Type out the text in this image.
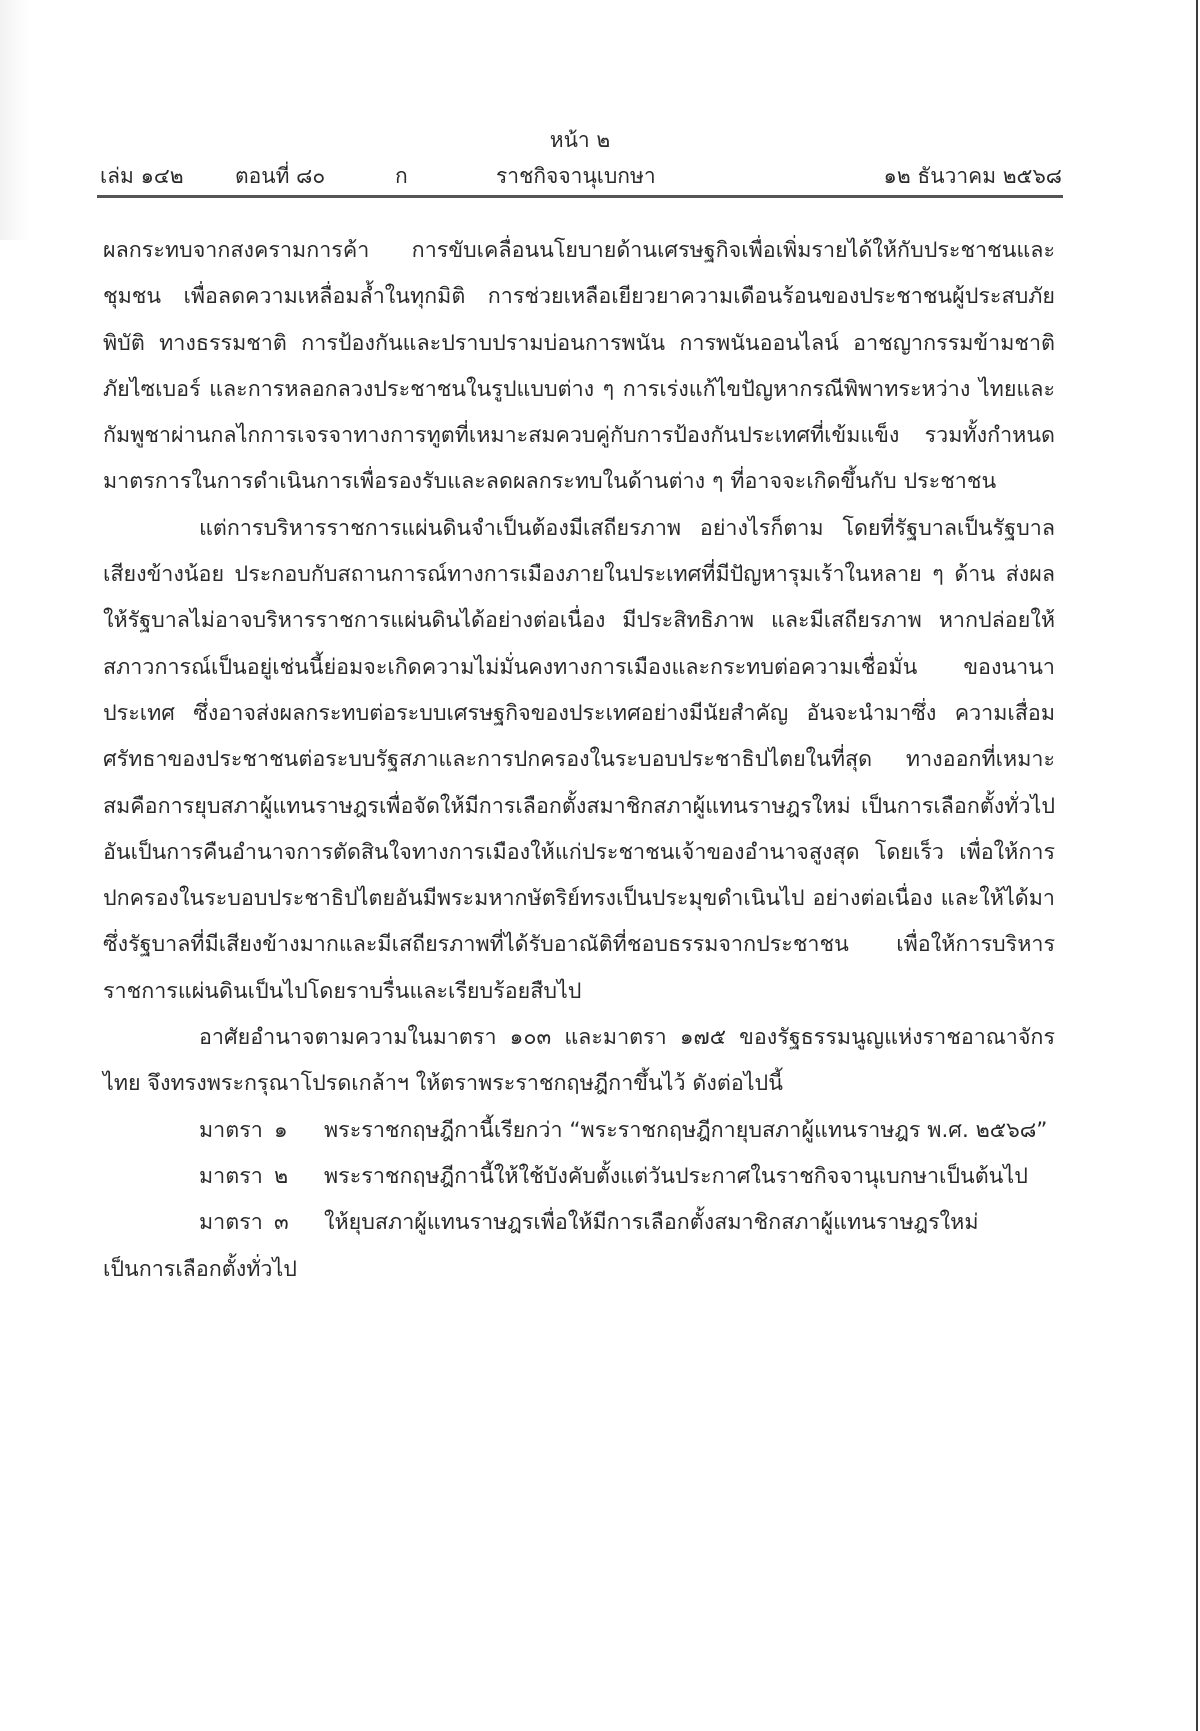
หน้า ๒
เล่ม ๑๔๒ ตอนที่ ๘๐	ก	ราชกิจจานุเบกษา	๑๒ ธันวาคม ๒๕๖๘

ผลกระทบจากสงครามการค้า การขับเคลื่อนนโยบายด้านเศรษฐกิจเพื่อเพิ่มรายได้ให้กับประชาชนและชุมชน เพื่อลดความเหลื่อมล้ำในทุกมิติ การช่วยเหลือเยียวยาความเดือนร้อนของประชาชนผู้ประสบภัยพิบัติ ทางธรรมชาติ การป้องกันและปราบปรามบ่อนการพนัน การพนันออนไลน์ อาชญากรรมข้ามชาติ ภัยไซเบอร์ และการหลอกลวงประชาชนในรูปแบบต่าง ๆ การเร่งแก้ไขปัญหากรณีพิพาทระหว่าง ไทยและกัมพูชาผ่านกลไกการเจรจาทางการทูตที่เหมาะสมควบคู่กับการป้องกันประเทศที่เข้มแข็ง รวมทั้งกำหนดมาตรการในการดำเนินการเพื่อรองรับและลดผลกระทบในด้านต่าง ๆ ที่อาจจะเกิดขึ้นกับ ประชาชน

แต่การบริหารราชการแผ่นดินจำเป็นต้องมีเสถียรภาพ อย่างไรก็ตาม โดยที่รัฐบาลเป็นรัฐบาล เสียงข้างน้อย ประกอบกับสถานการณ์ทางการเมืองภายในประเทศที่มีปัญหารุมเร้าในหลาย ๆ ด้าน ส่งผลให้รัฐบาลไม่อาจบริหารราชการแผ่นดินได้อย่างต่อเนื่อง มีประสิทธิภาพ และมีเสถียรภาพ หากปล่อยให้สภาวการณ์เป็นอยู่เช่นนี้ย่อมจะเกิดความไม่มั่นคงทางการเมืองและกระทบต่อความเชื่อมั่น ของนานาประเทศ ซึ่งอาจส่งผลกระทบต่อระบบเศรษฐกิจของประเทศอย่างมีนัยสำคัญ อันจะนำมาซึ่ง ความเสื่อมศรัทธาของประชาชนต่อระบบรัฐสภาและการปกครองในระบอบประชาธิปไตยในที่สุด ทางออกที่เหมาะสมคือการยุบสภาผู้แทนราษฎรเพื่อจัดให้มีการเลือกตั้งสมาชิกสภาผู้แทนราษฎรใหม่ เป็นการเลือกตั้งทั่วไป อันเป็นการคืนอำนาจการตัดสินใจทางการเมืองให้แก่ประชาชนเจ้าของอำนาจสูงสุด โดยเร็ว เพื่อให้การปกครองในระบอบประชาธิปไตยอันมีพระมหากษัตริย์ทรงเป็นประมุขดำเนินไป อย่างต่อเนื่อง และให้ได้มาซึ่งรัฐบาลที่มีเสียงข้างมากและมีเสถียรภาพที่ได้รับอาณัติที่ชอบธรรมจากประชาชน เพื่อให้การบริหารราชการแผ่นดินเป็นไปโดยราบรื่นและเรียบร้อยสืบไป

อาศัยอำนาจตามความในมาตรา ๑๐๓ และมาตรา ๑๗๕ ของรัฐธรรมนูญแห่งราชอาณาจักรไทย จึงทรงพระกรุณาโปรดเกล้าฯ ให้ตราพระราชกฤษฎีกาขึ้นไว้ ดังต่อไปนี้

มาตรา ๑ พระราชกฤษฎีกานี้เรียกว่า “พระราชกฤษฎีกายุบสภาผู้แทนราษฎร พ.ศ. ๒๕๖๘”

มาตรา ๒ พระราชกฤษฎีกานี้ให้ใช้บังคับตั้งแต่วันประกาศในราชกิจจานุเบกษาเป็นต้นไป

มาตรา ๓ ให้ยุบสภาผู้แทนราษฎรเพื่อให้มีการเลือกตั้งสมาชิกสภาผู้แทนราษฎรใหม่ เป็นการเลือกตั้งทั่วไป
